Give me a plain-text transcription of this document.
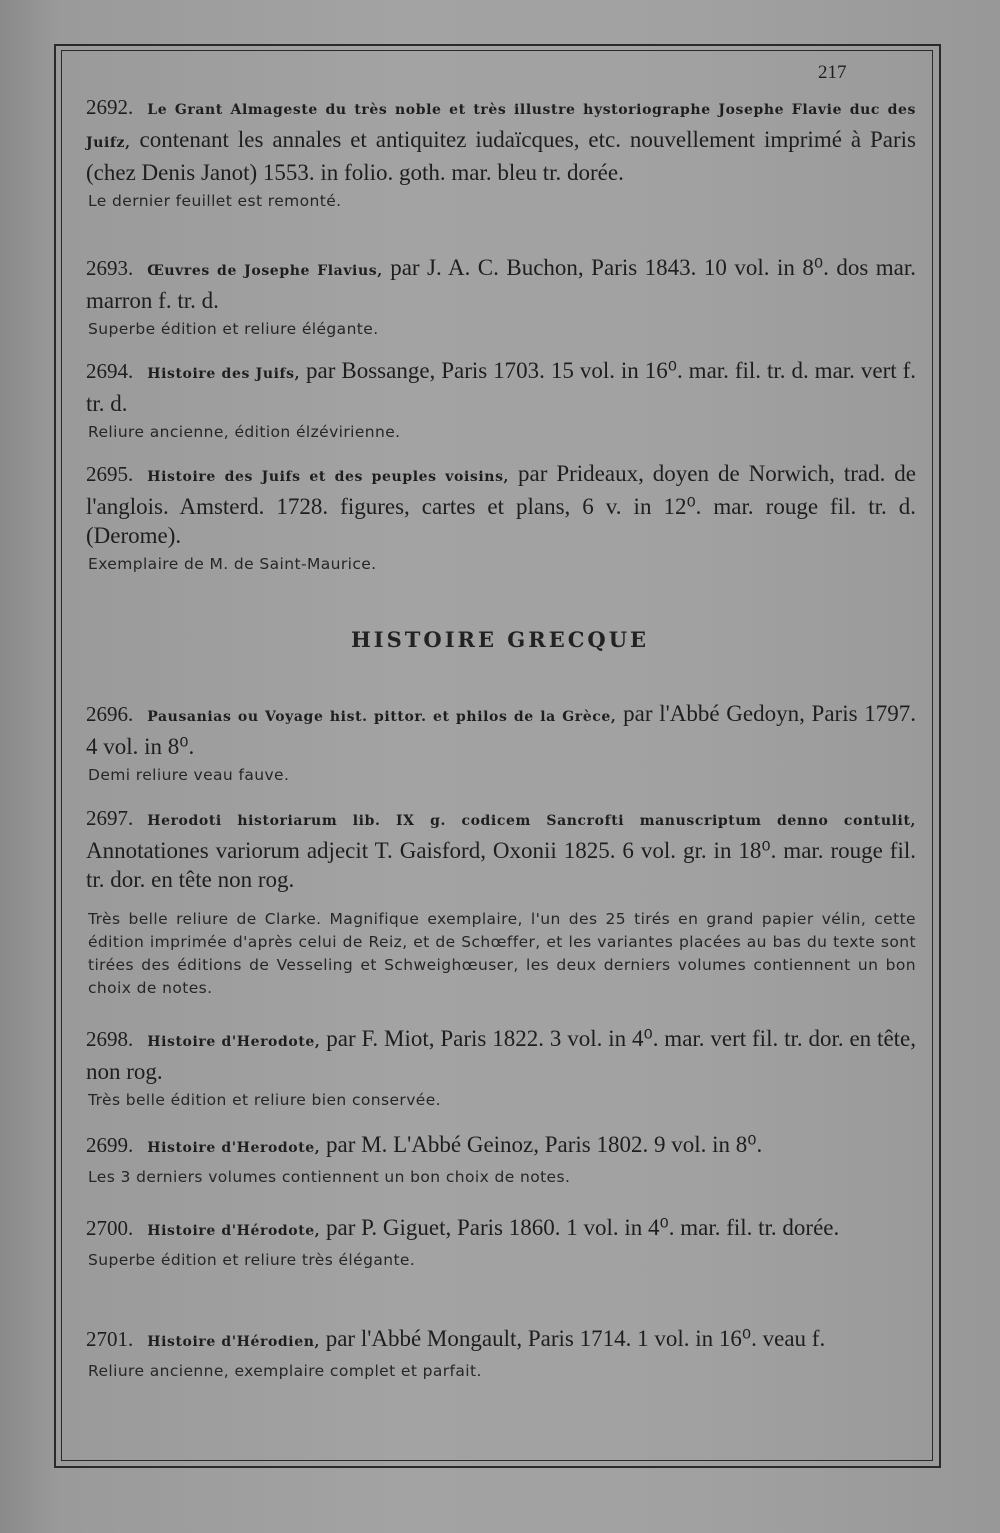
217

2692. Le Grant Almageste du très noble et très illustre hystoriographe Josephe Flavie duc des Juifz, contenant les annales et antiquitez iudaïcques, etc. nouvellement imprimé à Paris (chez Denis Janot) 1553. in folio. goth. mar. bleu tr. dorée.

Le dernier feuillet est remonté.

2693. Œuvres de Josephe Flavius, par J. A. C. Buchon, Paris 1843. 10 vol. in 8⁰. dos mar. marron f. tr. d.

Superbe édition et reliure élégante.

2694. Histoire des Juifs, par Bossange, Paris 1703. 15 vol. in 16⁰. mar. fil. tr. d. mar. vert f. tr. d.

Reliure ancienne, édition élzévirienne.

2695. Histoire des Juifs et des peuples voisins, par Prideaux, doyen de Norwich, trad. de l'anglois. Amsterd. 1728. figures, cartes et plans, 6 v. in 12⁰. mar. rouge fil. tr. d. (Derome).

Exemplaire de M. de Saint-Maurice.

HISTOIRE GRECQUE

2696. Pausanias ou Voyage hist. pittor. et philos de la Grèce, par l'Abbé Gedoyn, Paris 1797. 4 vol. in 8⁰.

Demi reliure veau fauve.

2697. Herodoti historiarum lib. IX g. codicem Sancrofti manuscriptum denno contulit, Annotationes variorum adjecit T. Gaisford, Oxonii 1825. 6 vol. gr. in 18⁰. mar. rouge fil. tr. dor. en tête non rog.

Très belle reliure de Clarke. Magnifique exemplaire, l'un des 25 tirés en grand papier vélin, cette édition imprimée d'après celui de Reiz, et de Schœffer, et les variantes placées au bas du texte sont tirées des éditions de Vesseling et Schweighœuser, les deux derniers volumes contiennent un bon choix de notes.

2698. Histoire d'Herodote, par F. Miot, Paris 1822. 3 vol. in 4⁰. mar. vert fil. tr. dor. en tête, non rog.

Très belle édition et reliure bien conservée.

2699. Histoire d'Herodote, par M. L'Abbé Geinoz, Paris 1802. 9 vol. in 8⁰.

Les 3 derniers volumes contiennent un bon choix de notes.

2700. Histoire d'Hérodote, par P. Giguet, Paris 1860. 1 vol. in 4⁰. mar. fil. tr. dorée.

Superbe édition et reliure très élégante.

2701. Histoire d'Hérodien, par l'Abbé Mongault, Paris 1714. 1 vol. in 16⁰. veau f.

Reliure ancienne, exemplaire complet et parfait.
